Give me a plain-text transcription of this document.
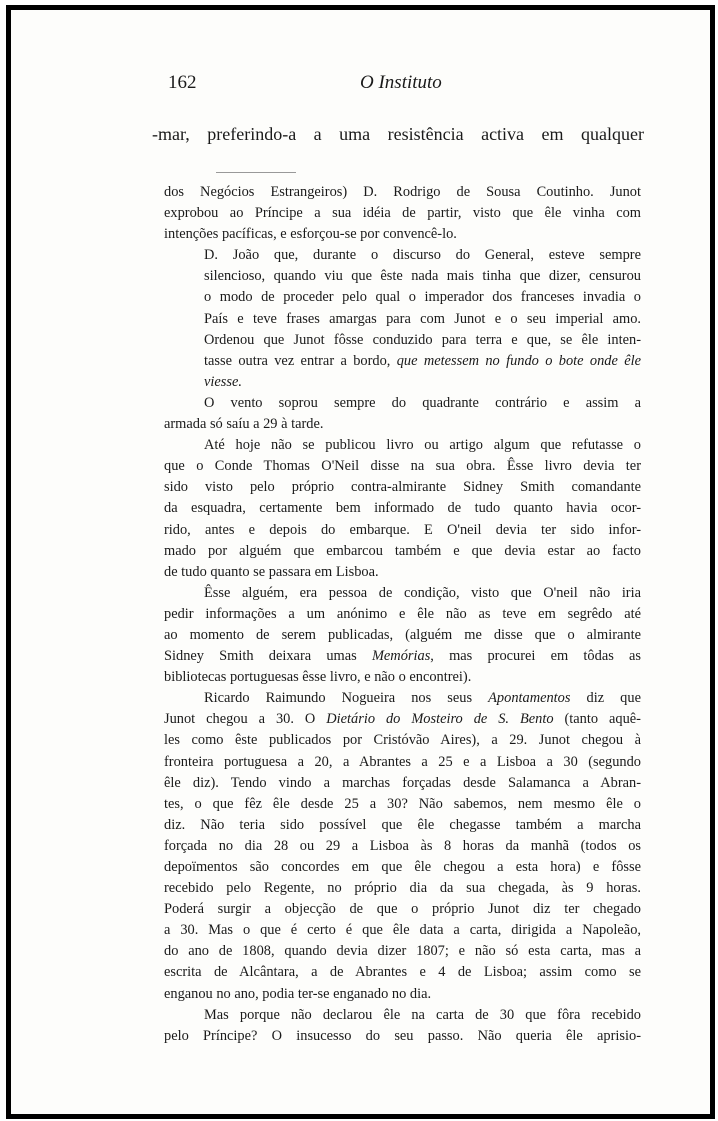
162	O Instituto
-mar, preferindo-a a uma resistência activa em qualquer

dos Negócios Estrangeiros) D. Rodrigo de Sousa Coutinho. Junot
exprobou ao Príncipe a sua idéia de partir, visto que êle vinha com
intenções pacíficas, e esforçou-se por convencê-lo.

D. João que, durante o discurso do General, esteve sempre
silencioso, quando viu que êste nada mais tinha que dizer, censurou
o modo de proceder pelo qual o imperador dos franceses invadia o
País e teve frases amargas para com Junot e o seu imperial amo.
Ordenou que Junot fôsse conduzido para terra e que, se êle inten-
tasse outra vez entrar a bordo, que metessem no fundo o bote onde êle
viesse.

O vento soprou sempre do quadrante contrário e assim a
armada só saíu a 29 à tarde.

Até hoje não se publicou livro ou artigo algum que refutasse o
que o Conde Thomas O'Neil disse na sua obra. Êsse livro devia ter
sido visto pelo próprio contra-almirante Sidney Smith comandante
da esquadra, certamente bem informado de tudo quanto havia ocor-
rido, antes e depois do embarque. E O'neil devia ter sido infor-
mado por alguém que embarcou também e que devia estar ao facto
de tudo quanto se passara em Lisboa.

Êsse alguém, era pessoa de condição, visto que O'neil não iria
pedir informações a um anónimo e êle não as teve em segrêdo até
ao momento de serem publicadas, (alguém me disse que o almirante
Sidney Smith deixara umas Memórias, mas procurei em tôdas as
bibliotecas portuguesas êsse livro, e não o encontrei).

Ricardo Raimundo Nogueira nos seus Apontamentos diz que
Junot chegou a 30. O Dietário do Mosteiro de S. Bento (tanto aquê-
les como êste publicados por Cristóvão Aires), a 29. Junot chegou à
fronteira portuguesa a 20, a Abrantes a 25 e a Lisboa a 30 (segundo
êle diz). Tendo vindo a marchas forçadas desde Salamanca a Abran-
tes, o que fêz êle desde 25 a 30? Não sabemos, nem mesmo êle o
diz. Não teria sido possível que êle chegasse também a marcha
forçada no dia 28 ou 29 a Lisboa às 8 horas da manhã (todos os
depoïmentos são concordes em que êle chegou a esta hora) e fôsse
recebido pelo Regente, no próprio dia da sua chegada, às 9 horas.
Poderá surgir a objecção de que o próprio Junot diz ter chegado
a 30. Mas o que é certo é que êle data a carta, dirigida a Napoleão,
do ano de 1808, quando devia dizer 1807; e não só esta carta, mas a
escrita de Alcântara, a de Abrantes e 4 de Lisboa; assim como se
enganou no ano, podia ter-se enganado no dia.

Mas porque não declarou êle na carta de 30 que fôra recebido
pelo Príncipe? O insucesso do seu passo. Não queria êle aprisio-
